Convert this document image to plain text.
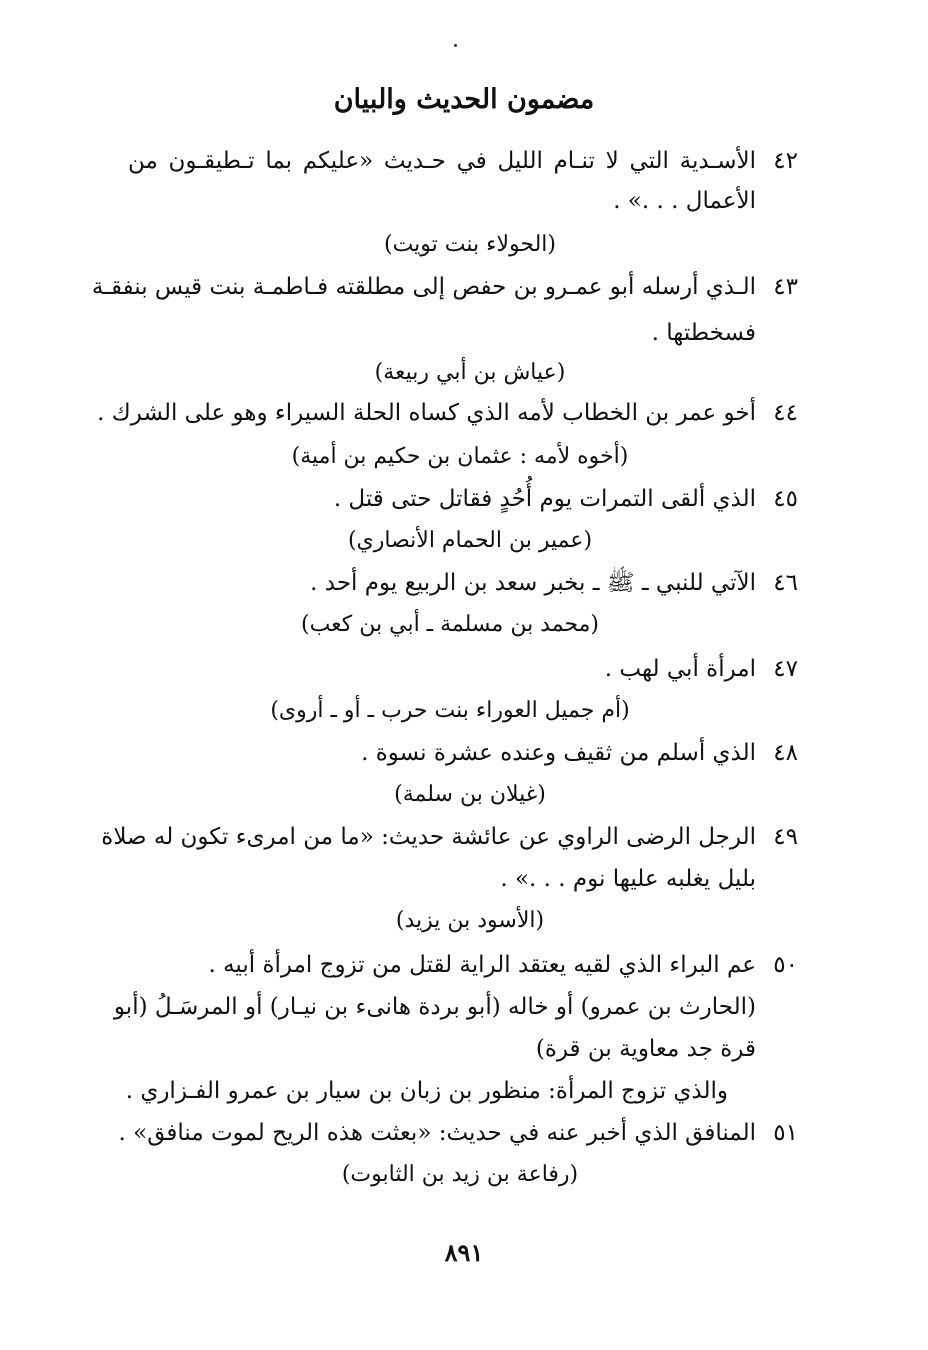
مضمون الحديث والبيان
٤٢
الأسـدية التي لا تنـام الليل في حـديث «عليكم بما تـطيقـون من
الأعمال . . .» .
(الحولاء بنت تويت)
٤٣
الـذي أرسله أبو عمـرو بن حفص إلى مطلقته فـاطمـة بنت قيس بنفقـة
فسخطتها .
(عياش بن أبي ربيعة)
٤٤
أخو عمر بن الخطاب لأمه الذي كساه الحلة السيراء وهو على الشرك .
(أخوه لأمه : عثمان بن حكيم بن أمية)
٤٥
الذي ألقى التمرات يوم أُحُدٍ فقاتل حتى قتل .
(عمير بن الحمام الأنصاري)
٤٦
الآتي للنبي ـ ﷺ ـ بخبر سعد بن الربيع يوم أحد .
(محمد بن مسلمة ـ أبي بن كعب)
٤٧
امرأة أبي لهب .
(أم جميل العوراء بنت حرب ـ أو ـ أروى)
٤٨
الذي أسلم من ثقيف وعنده عشرة نسوة .
(غيلان بن سلمة)
٤٩
الرجل الرضى الراوي عن عائشة حديث: «ما من امرىء تكون له صلاة
بليل يغلبه عليها نوم . . .» .
(الأسود بن يزيد)
٥٠
عم البراء الذي لقيه يعتقد الراية لقتل من تزوج امرأة أبيه .
(الحارث بن عمرو) أو خاله (أبو بردة هانىء بن نيـار) أو المرسَـلُ (أبو
قرة جد معاوية بن قرة)
والذي تزوج المرأة: منظور بن زبان بن سيار بن عمرو الفـزاري .
٥١
المنافق الذي أخبر عنه في حديث: «بعثت هذه الريح لموت منافق» .
(رفاعة بن زيد بن الثابوت)
٨٩١
